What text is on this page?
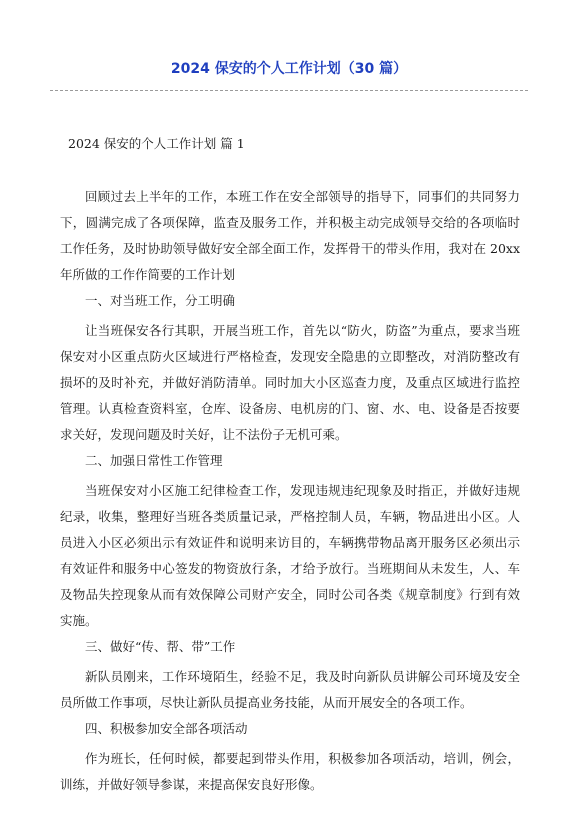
2024 保安的个人工作计划（30 篇）

2024 保安的个人工作计划 篇 1

回顾过去上半年的工作，本班工作在安全部领导的指导下，同事们的共同努力下，圆满完成了各项保障，监查及服务工作，并积极主动完成领导交给的各项临时工作任务，及时协助领导做好安全部全面工作，发挥骨干的带头作用，我对在 20xx 年所做的工作作简要的工作计划

一、对当班工作，分工明确

让当班保安各行其职，开展当班工作，首先以“防火，防盗”为重点，要求当班保安对小区重点防火区域进行严格检查，发现安全隐患的立即整改，对消防整改有损坏的及时补充，并做好消防清单。同时加大小区巡查力度，及重点区域进行监控管理。认真检查资料室，仓库、设备房、电机房的门、窗、水、电、设备是否按要求关好，发现问题及时关好，让不法份子无机可乘。

二、加强日常性工作管理

当班保安对小区施工纪律检查工作，发现违规违纪现象及时指正，并做好违规纪录，收集，整理好当班各类质量记录，严格控制人员，车辆，物品进出小区。人员进入小区必须出示有效证件和说明来访目的，车辆携带物品离开服务区必须出示有效证件和服务中心签发的物资放行条，才给予放行。当班期间从未发生，人、车及物品失控现象从而有效保障公司财产安全，同时公司各类《规章制度》行到有效实施。

三、做好“传、帮、带”工作

新队员刚来，工作环境陌生，经验不足，我及时向新队员讲解公司环境及安全员所做工作事项，尽快让新队员提高业务技能，从而开展安全的各项工作。

四、积极参加安全部各项活动

作为班长，任何时候，都要起到带头作用，积极参加各项活动，培训，例会，训练，并做好领导参谋，来提高保安良好形像。
